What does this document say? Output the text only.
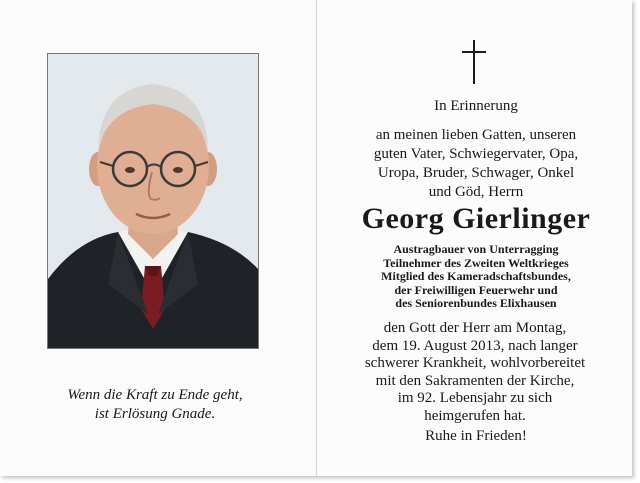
Wenn die Kraft zu Ende geht,
ist Erlösung Gnade.
In Erinnerung
an meinen lieben Gatten, unseren
guten Vater, Schwiegervater, Opa,
Uropa, Bruder, Schwager, Onkel
und Göd, Herrn
Georg Gierlinger
Austragbauer von Unterragging
Teilnehmer des Zweiten Weltkrieges
Mitglied des Kameradschaftsbundes,
der Freiwilligen Feuerwehr und
des Seniorenbundes Elixhausen
den Gott der Herr am Montag,
dem 19. August 2013, nach langer
schwerer Krankheit, wohlvorbereitet
mit den Sakramenten der Kirche,
im 92. Lebensjahr zu sich
heimgerufen hat.
Ruhe in Frieden!
